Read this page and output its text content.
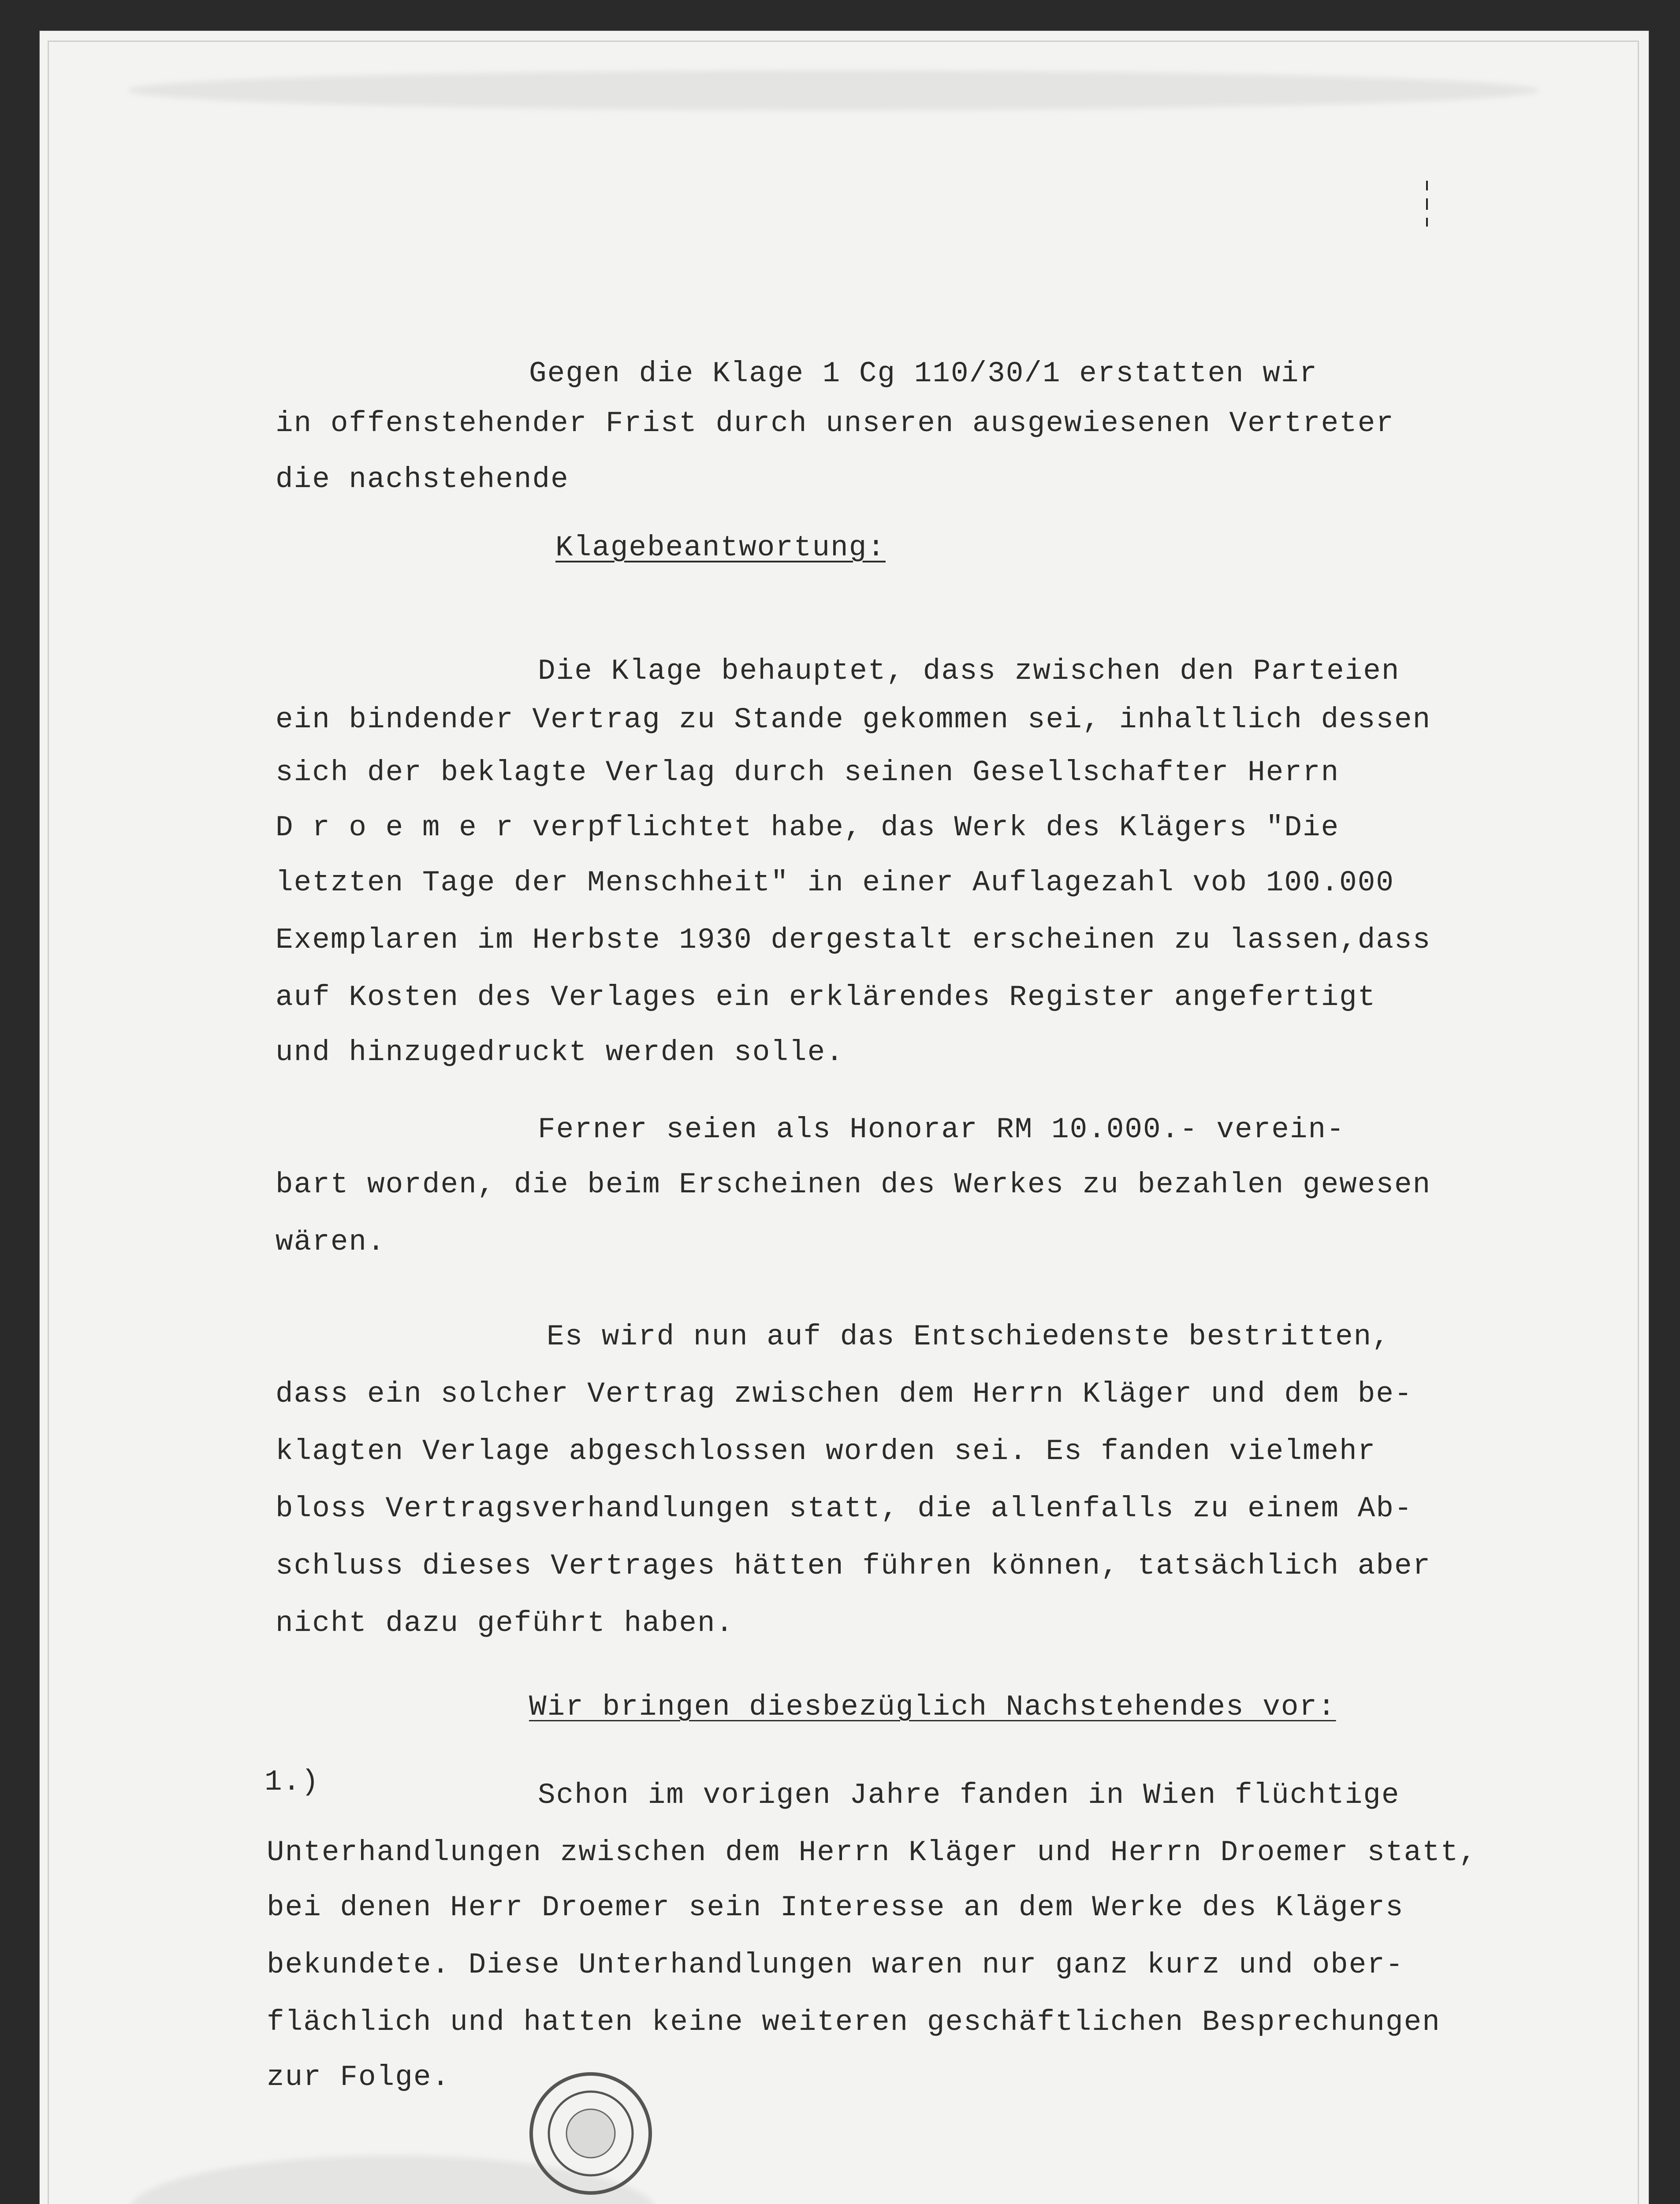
Gegen die Klage 1 Cg 110/30/1 erstatten wir
in offenstehender Frist durch unseren ausgewiesenen Vertreter
die nachstehende
Klagebeantwortung:
Die Klage behauptet, dass zwischen den Parteien
ein bindender Vertrag zu Stande gekommen sei, inhaltlich dessen
sich der beklagte Verlag durch seinen Gesellschafter Herrn
D r o e m e r verpflichtet habe, das Werk des Klägers "Die
letzten Tage der Menschheit" in einer Auflagezahl vob 100.000
Exemplaren im Herbste 1930 dergestalt erscheinen zu lassen,dass
auf Kosten des Verlages ein erklärendes Register angefertigt
und hinzugedruckt werden solle.
Ferner seien als Honorar RM 10.000.- verein-
bart worden, die beim Erscheinen des Werkes zu bezahlen gewesen
wären.
Es wird nun auf das Entschiedenste bestritten,
dass ein solcher Vertrag zwischen dem Herrn Kläger und dem be-
klagten Verlage abgeschlossen worden sei. Es fanden vielmehr
bloss Vertragsverhandlungen statt, die allenfalls zu einem Ab-
schluss dieses Vertrages hätten führen können, tatsächlich aber
nicht dazu geführt haben.
Wir bringen diesbezüglich Nachstehendes vor:
1.)	Schon im vorigen Jahre fanden in Wien flüchtige
Unterhandlungen zwischen dem Herrn Kläger und Herrn Droemer statt,
bei denen Herr Droemer sein Interesse an dem Werke des Klägers
bekundete. Diese Unterhandlungen waren nur ganz kurz und ober-
flächlich und hatten keine weiteren geschäftlichen Besprechungen
zur Folge.
